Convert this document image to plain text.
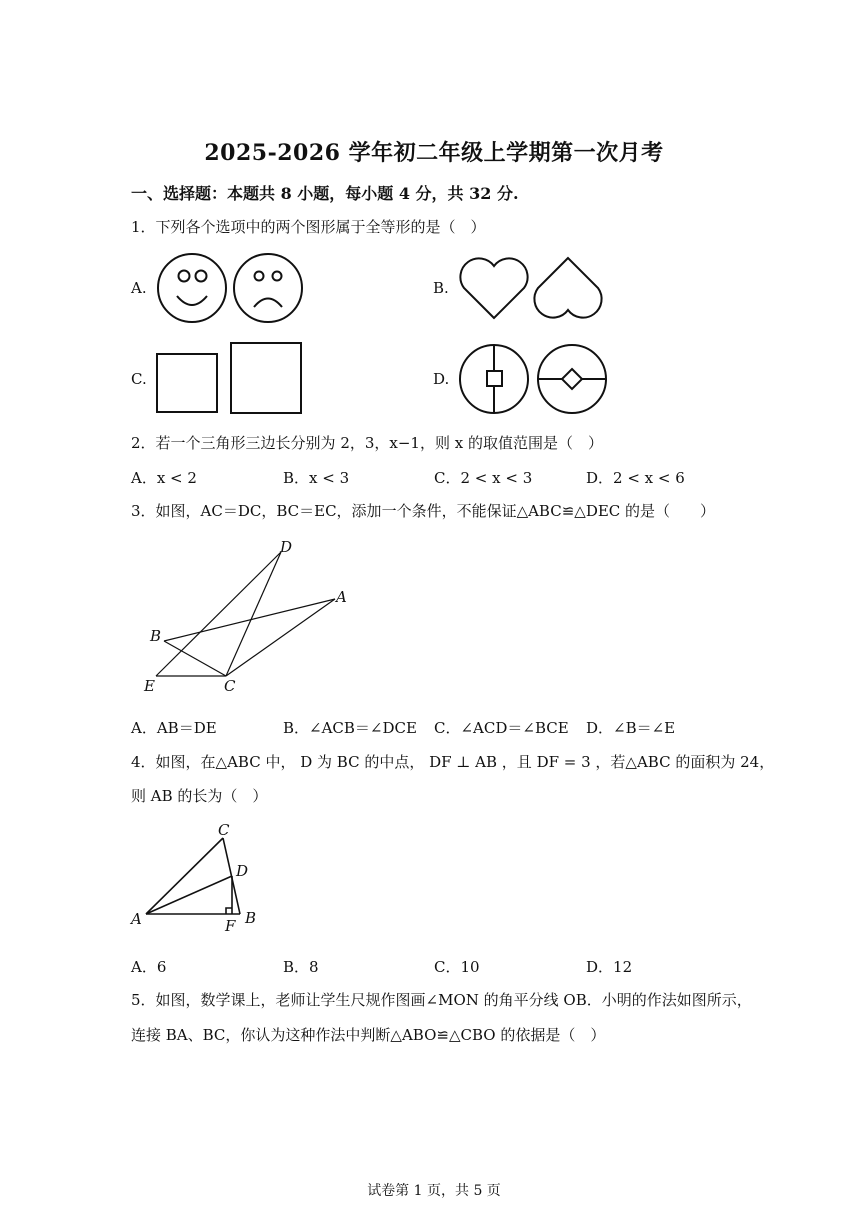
2025-2026 学年初二年级上学期第一次月考
一、选择题：本题共 8 小题，每小题 4 分，共 32 分.
1．下列各个选项中的两个图形属于全等形的是（　）
A.	B.
C.	D.
2．若一个三角形三边长分别为 2，3，x−1，则 x 的取值范围是（　）
A．x < 2	B．x < 3	C．2 < x < 3	D．2 < x < 6
3．如图，AC＝DC，BC＝EC，添加一个条件，不能保证△ABC≌△DEC 的是（　　）
D
A
B
E	C
A．AB＝DE	B．∠ACB＝∠DCE C．∠ACD＝∠BCE D．∠B＝∠E
4．如图，在△ABC 中， D 为 BC 的中点， DF ⊥ AB ，且 DF = 3 ，若△ABC 的面积为 24，
则 AB 的长为（　）
C
D
A	F B
A．6	B．8	C．10	D．12
5．如图，数学课上，老师让学生尺规作图画∠MON 的角平分线 OB．小明的作法如图所示，
连接 BA、BC，你认为这种作法中判断△ABO≌△CBO 的依据是（　）
试卷第 1 页，共 5 页
